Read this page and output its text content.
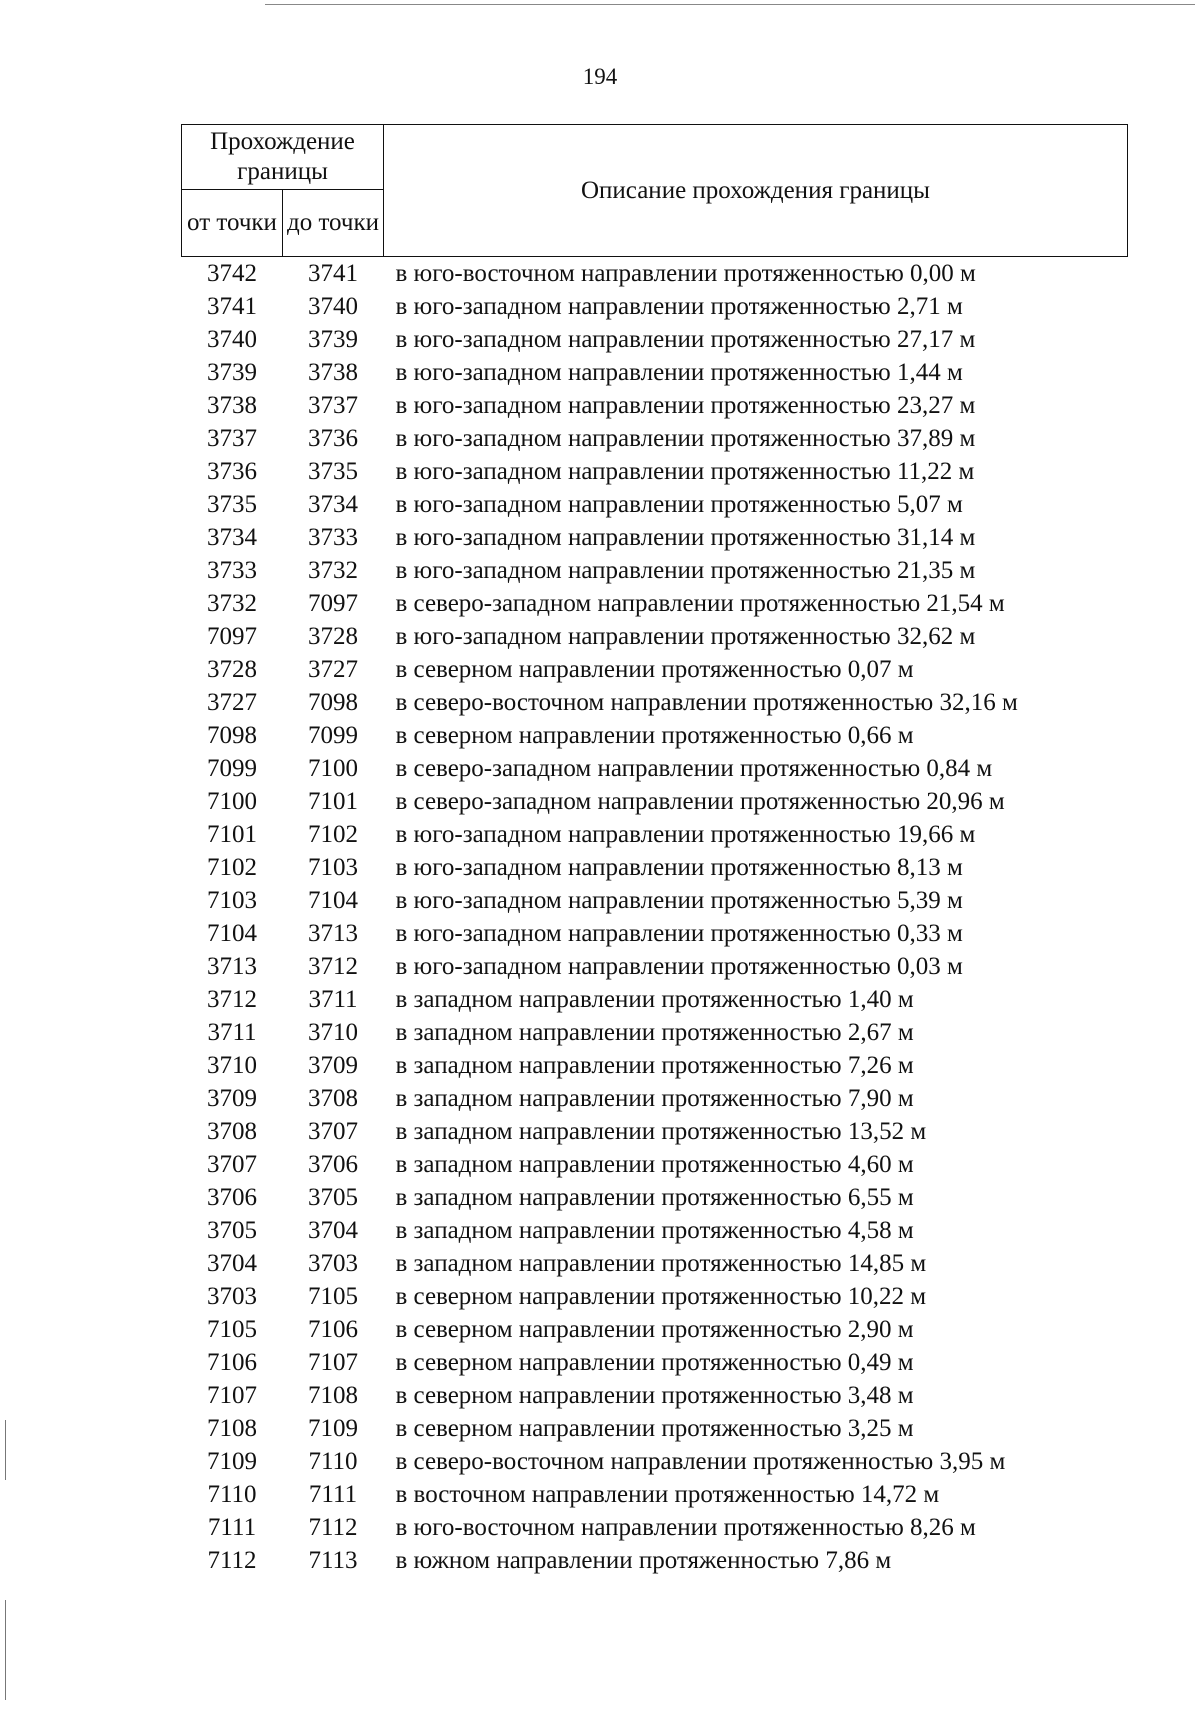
194
Прохождение границы		Описание прохождения границы
от точки	до точки	
3742	3741	в юго-восточном направлении протяженностью 0,00 м
3741	3740	в юго-западном направлении протяженностью 2,71 м
3740	3739	в юго-западном направлении протяженностью 27,17 м
3739	3738	в юго-западном направлении протяженностью 1,44 м
3738	3737	в юго-западном направлении протяженностью 23,27 м
3737	3736	в юго-западном направлении протяженностью 37,89 м
3736	3735	в юго-западном направлении протяженностью 11,22 м
3735	3734	в юго-западном направлении протяженностью 5,07 м
3734	3733	в юго-западном направлении протяженностью 31,14 м
3733	3732	в юго-западном направлении протяженностью 21,35 м
3732	7097	в северо-западном направлении протяженностью 21,54 м
7097	3728	в юго-западном направлении протяженностью 32,62 м
3728	3727	в северном направлении протяженностью 0,07 м
3727	7098	в северо-восточном направлении протяженностью 32,16 м
7098	7099	в северном направлении протяженностью 0,66 м
7099	7100	в северо-западном направлении протяженностью 0,84 м
7100	7101	в северо-западном направлении протяженностью 20,96 м
7101	7102	в юго-западном направлении протяженностью 19,66 м
7102	7103	в юго-западном направлении протяженностью 8,13 м
7103	7104	в юго-западном направлении протяженностью 5,39 м
7104	3713	в юго-западном направлении протяженностью 0,33 м
3713	3712	в юго-западном направлении протяженностью 0,03 м
3712	3711	в западном направлении протяженностью 1,40 м
3711	3710	в западном направлении протяженностью 2,67 м
3710	3709	в западном направлении протяженностью 7,26 м
3709	3708	в западном направлении протяженностью 7,90 м
3708	3707	в западном направлении протяженностью 13,52 м
3707	3706	в западном направлении протяженностью 4,60 м
3706	3705	в западном направлении протяженностью 6,55 м
3705	3704	в западном направлении протяженностью 4,58 м
3704	3703	в западном направлении протяженностью 14,85 м
3703	7105	в северном направлении протяженностью 10,22 м
7105	7106	в северном направлении протяженностью 2,90 м
7106	7107	в северном направлении протяженностью 0,49 м
7107	7108	в северном направлении протяженностью 3,48 м
7108	7109	в северном направлении протяженностью 3,25 м
7109	7110	в северо-восточном направлении протяженностью 3,95 м
7110	7111	в восточном направлении протяженностью 14,72 м
7111	7112	в юго-восточном направлении протяженностью 8,26 м
7112	7113	в южном направлении протяженностью 7,86 м
